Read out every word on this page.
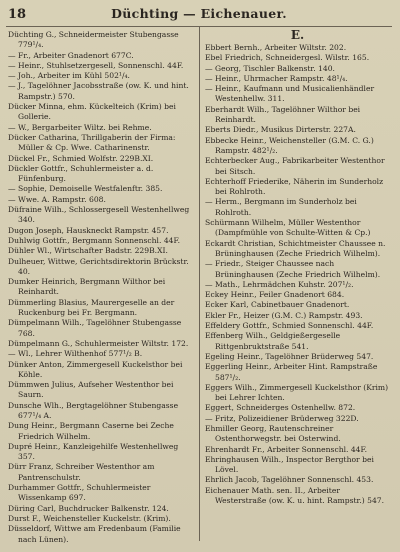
18	Düchting — Eichenauer.

Düchting G., Schneidermeister Stubengasse 779¹/₄.

— Fr., Arbeiter Gnadenort 677C.

— Heinr., Stuhlsetzergesell, Sonnenschl. 44F.

— Joh., Arbeiter im Kühl 502¹/₄.

— J., Tagelöhner Jacobsstraße (ow. K. und hint. Rampstr.) 570.

Dücker Minna, ehm. Kückelteich (Krim) bei Gollerie.

— W., Bergarbeiter Wiltz. bei Rehme.

Dücker Catharina, Thrillgaberin der Firma: Müller & Cp. Wwe. Catharinenstr.

Dückel Fr., Schmied Wolfstr. 229B.XI.

Dückler Gottfr., Schuhlermeister a. d. Fünfenburg.

— Sophie, Demoiselle Westfalenftr. 385.

— Wwe. A. Rampstr. 608.

Düfraine Wilh., Schlossergesell Westenhellweg 340.

Dugon Joseph, Hauskneckt Rampstr. 457.

Duhlwig Gottfr., Bergmann Sonnenschl. 44F.

Dühler Wl., Wirtschafter Badstr. 229B.XI.

Dulheuer, Wittwe, Gerichtsdirektorin Brückstr. 40.

Dumker Heinrich, Bergmann Wilthor bei Reinhardt.

Dümmerling Blasius, Maurergeselle an der Ruckenburg bei Fr. Bergmann.

Dümpelmann Wilh., Tagelöhner Stubengasse 768.

Dümpelmann G., Schuhlermeister Wiltstr. 172.

— Wl., Lehrer Wilthenhof 577¹/₂ B.

Dünker Anton, Zimmergesell Kuckelsthor bei Köhle.

Dümmwen Julius, Aufseher Westenthor bei Saurn.

Dunsche Wlh., Bergtagelöhner Stubengasse 677¹/₄ A.

Dung Heinr., Bergmann Caserne bei Zeche Friedrich Wilhelm.

Dupré Heinr., Kanzleigehilfe Westenhellweg 357.

Dürr Franz, Schreiber Westenthor am Pantrenschulstr.

Durhammer Gottfr., Schuhlermeister Wissenkamp 697.

Düring Carl, Buchdrucker Balkenstr. 124.

Durst F., Weichensteller Kuckelstr. (Krim).

Düsseldorf, Wittwe am Fredenbaum (Familie nach Lünen).

E.

Ebbert Bernh., Arbeiter Wiltstr. 202.

Ebel Friedrich, Schneidergesl. Wilstr. 165.

— Georg, Tischler Balkenstr. 140.

— Heinr., Uhrmacher Rampstr. 48¹/₄.

— Heinr., Kaufmann und Musicalienhändler Westenhellw. 311.

Eberhardt Wilh., Tagelöhner Wilthor bei Reinhardt.

Eberts Diedr., Musikus Dirterstr. 227A.

Ebbecke Heinr., Weichensteller (G.M. C. G.) Rampstr. 482¹/₂.

Echterbecker Aug., Fabrikarbeiter Westenthor bei Sitsch.

Echterhoff Friederike, Näherin im Sunderholz bei Rohlroth.

— Herm., Bergmann im Sunderholz bei Rohlroth.

Schürmann Wilhelm, Müller Westenthor (Dampfmühle von Schulte-Witten & Cp.)

Eckardt Christian, Schichtmeister Chaussee n. Brüninghausen (Zeche Friedrich Wilhelm).

— Friedr., Steiger Chaussee nach Brüninghausen (Zeche Friedrich Wilhelm).

— Math., Lehrmädchen Kuhstr. 207¹/₂.

Eckey Heinr., Feiler Gnadenort 684.

Ecker Karl, Cabinetbauer Gnadenort.

Ekler Fr., Heizer (G.M. C.) Rampstr. 493.

Effeldery Gottfr., Schmied Sonnenschl. 44F.

Effenberg Wilh., Geldgießergeselle Rittgenbruktstraße 541.

Egeling Heinr., Tagelöhner Brüderweg 547.

Eggerling Heinr., Arbeiter Hint. Rampstraße 587¹/₂.

Eggers Wilh., Zimmergesell Kuckelsthor (Krim) bei Lehrer Ichten.

Eggert, Schneiderges Ostenhellw. 872.

— Fritz, Polizeidiener Brüderweg 322D.

Ehmiller Georg, Rautenschreiner Ostenthorwegstr. bei Osterwind.

Ehrenhardt Fr., Arbeiter Sonnenschl. 44F.

Ehringhausen Wilh., Inspector Bergthor bei Lövel.

Ehrlich Jacob, Tagelöhner Sonnenschl. 453.

Eichenauer Math. sen. II., Arbeiter Westerstraße (ow. K. u. hint. Rampstr.) 547.
